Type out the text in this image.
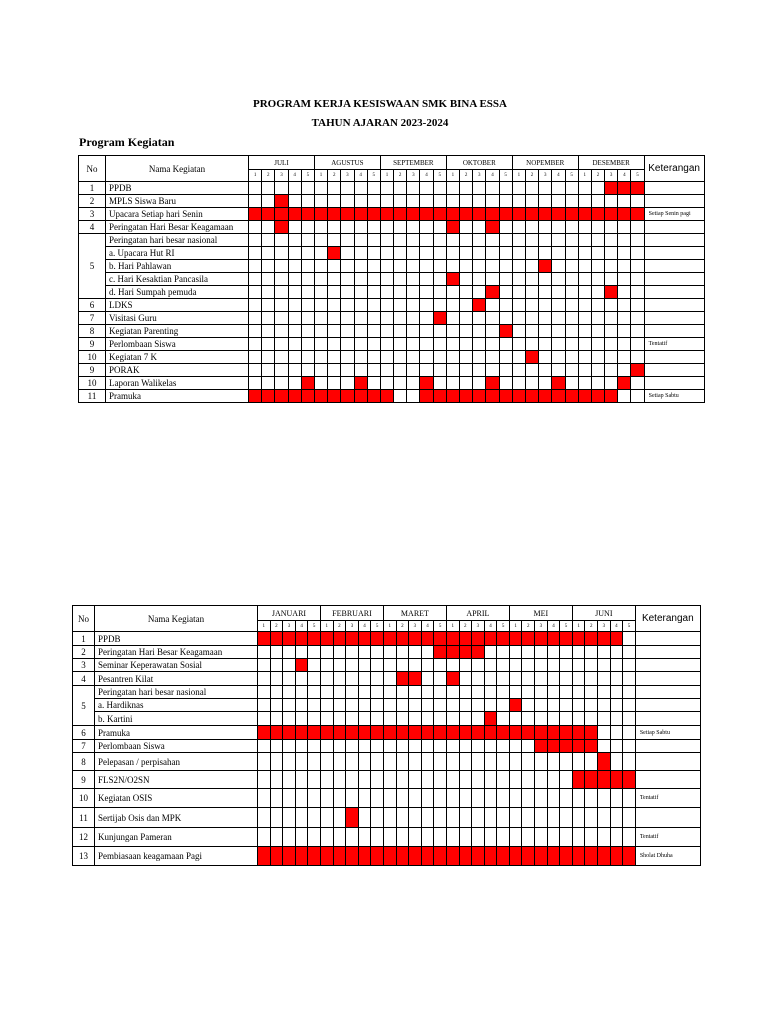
PROGRAM KERJA KESISWAAN SMK BINA ESSA
TAHUN AJARAN 2023-2024
Program Kegiatan
No	Nama Kegiatan	JULI					AGUSTUS					SEPTEMBER					OKTOBER					NOPEMBER					DESEMBER					Keterangan
		1	2	3	4	5	1	2	3	4	5	1	2	3	4	5	1	2	3	4	5	1	2	3	4	5	1	2	3	4	5	
1	PPDB																															
2	MPLS Siswa Baru																															
3	Upacara Setiap hari Senin																															Setiap Senin pagi
4	Peringatan Hari Besar Keagamaan																															
5	Peringatan hari besar nasional																															
	a. Upacara Hut RI																															
	b. Hari Pahlawan																															
	c. Hari Kesaktian Pancasila																															
	d. Hari Sumpah pemuda																															
6	LDKS																															
7	Visitasi Guru																															
8	Kegiatan Parenting																															
9	Perlombaan Siswa																															Tentatif
10	Kegiatan 7 K																															
9	PORAK																															
10	Laporan Walikelas																															
11	Pramuka																															Setiap Sabtu
No	Nama Kegiatan	JANUARI					FEBRUARI					MARET					APRIL					MEI					JUNI					Keterangan
		1	2	3	4	5	1	2	3	4	5	1	2	3	4	5	1	2	3	4	5	1	2	3	4	5	1	2	3	4	5	
1	PPDB																															
2	Peringatan Hari Besar Keagamaan																															
3	Seminar Keperawatan Sosial																															
4	Pesantren Kilat																															
5	Peringatan hari besar nasional																															
	a. Hardiknas																															
	b. Kartini																															
6	Pramuka																															Setiap Sabtu
7	Perlombaan Siswa																															
8	Pelepasan / perpisahan																															
9	FLS2N/O2SN																															
10	Kegiatan OSIS																															Tentatif
11	Sertijab Osis dan MPK																															
12	Kunjungan Pameran																															Tentatif
13	Pembiasaan keagamaan Pagi																															Sholat Dhuha
